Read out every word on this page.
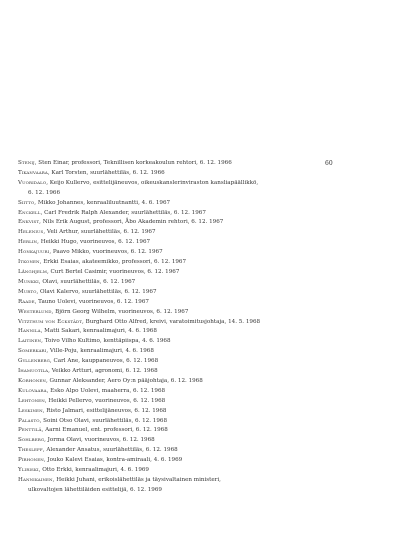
60
Stenij, Sten Einar, professori, Teknillisen korkeakoulun rehtori, 6. 12. 1966
Tikanvaara, Karl Torsten, suurlähettiläs, 6. 12. 1966
Vuoridalo, Keijo Kullervo, esittelijäneuvos, oikeuskanslerinviraston kansliapäällikkö,
6. 12. 1966
Siitto, Mikko Johannes, kenraaliluutnantti, 4. 6. 1967
Enckell, Carl Fredrik Ralph Alexander, suurlähettiläs, 6. 12. 1967
Enkvist, Nils Erik August, professori, Åbo Akademin rehtori, 6. 12. 1967
Helenius, Veli Arthur, suurlähettiläs, 6. 12. 1967
Herlin, Heikki Hugo, vuorineuvos, 6. 12. 1967
Honkajuuri, Paavo Mikko, vuorineuvos, 6. 12. 1967
Itkonen, Erkki Esaias, akateemikko, professori, 6. 12. 1967
Långhjelm, Curt Bertel Casimir, vuorineuvos, 6. 12. 1967
Munkki, Olavi, suurlähettiläs, 6. 12. 1967
Murto, Olavi Kalervo, suurlähettiläs, 6. 12. 1967
Raade, Tauno Uolevi, vuorineuvos, 6. 12. 1967
Westerlund, Björn Georg Wilhelm, vuorineuvos, 6. 12. 1967
Vitzthum von Eckstädt, Burghard Otto Alfred, kreivi, varatoimitusjohtaja, 14. 5. 1968
Hannila, Matti Sakari, kenraalimajuri, 4. 6. 1968
Laitinen, Toivo Vilho Kultimo, kenttäpiispa, 4. 6. 1968
Somerkari, Ville-Poju, kenraalimajuri, 4. 6. 1968
Gyllenberg, Carl Ane, kauppaneuvos, 6. 12. 1968
Ihamuotila, Veikko Artturi, agronomi, 6. 12. 1968
Korhonen, Gunnar Aleksander, Aero Oy:n pääjohtaja, 6. 12. 1968
Kulovaara, Esko Alpo Uolevi, maaherra, 6. 12. 1968
Lehtonen, Heikki Pellervo, vuorineuvos, 6. 12. 1968
Leskinen, Risto Jalmari, esittelijäneuvos, 6. 12. 1968
Palasto, Soini Otso Olavi, suurlähettiläs, 6. 12. 1968
Penttilä, Aarni Emanuel, ent. professori, 6. 12. 1968
Sohlberg, Jorma Olavi, vuorineuvos, 6. 12. 1968
Thesleff, Alexander Ansatus, suurlähettiläs, 6. 12. 1968
Pirhonen, Jouko Kalevi Esaias, kontra-amiraali, 4. 6. 1969
Yliriski, Otto Erkki, kenraalimajuri, 4. 6. 1969
Hannikainen, Heikki Juhani, erikoislähettiläs ja täysivaltainen ministeri,
ulkovaltojen lähettiläiden esittelijä, 6. 12. 1969
